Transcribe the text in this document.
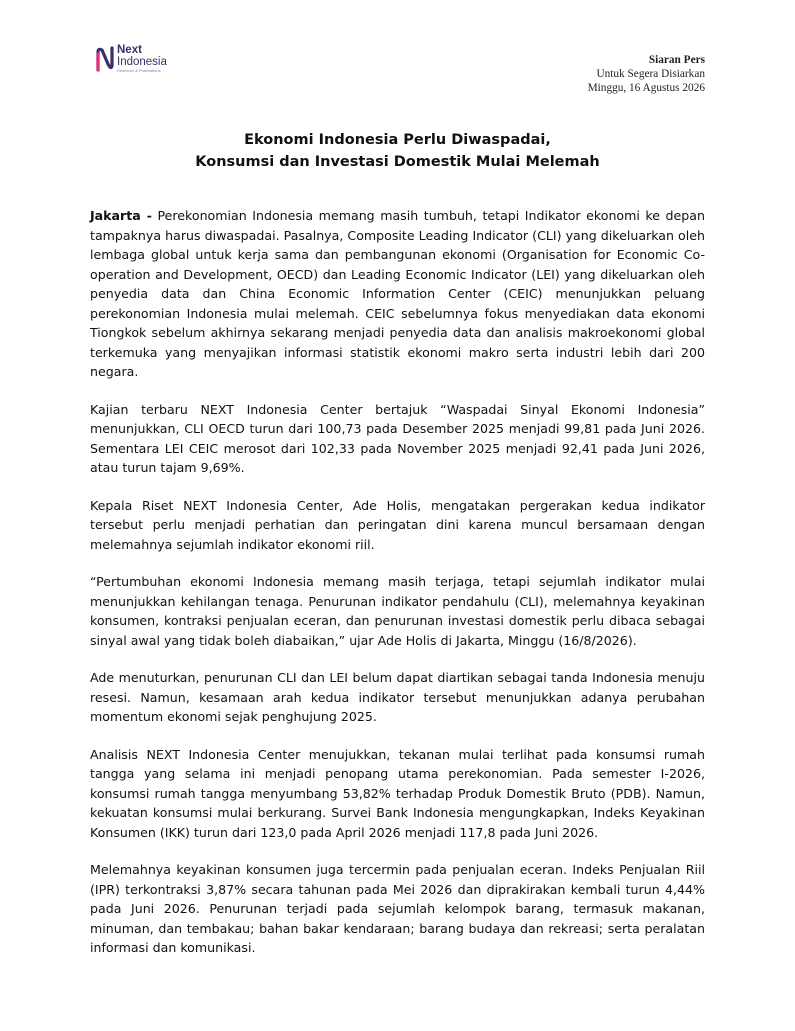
Next
Indonesia
Research & Publications
Siaran Pers
Untuk Segera Disiarkan
Minggu, 16 Agustus 2026
Ekonomi Indonesia Perlu Diwaspadai,
Konsumsi dan Investasi Domestik Mulai Melemah

Jakarta - Perekonomian Indonesia memang masih tumbuh, tetapi Indikator ekonomi ke depan tampaknya harus diwaspadai. Pasalnya, Composite Leading Indicator (CLI) yang dikeluarkan oleh lembaga global untuk kerja sama dan pembangunan ekonomi (Organisation for Economic Co-operation and Development, OECD) dan Leading Economic Indicator (LEI) yang dikeluarkan oleh penyedia data dan China Economic Information Center (CEIC) menunjukkan peluang perekonomian Indonesia mulai melemah. CEIC sebelumnya fokus menyediakan data ekonomi Tiongkok sebelum akhirnya sekarang menjadi penyedia data dan analisis makroekonomi global terkemuka yang menyajikan informasi statistik ekonomi makro serta industri lebih dari 200 negara.

Kajian terbaru NEXT Indonesia Center bertajuk “Waspadai Sinyal Ekonomi Indonesia” menunjukkan, CLI OECD turun dari 100,73 pada Desember 2025 menjadi 99,81 pada Juni 2026. Sementara LEI CEIC merosot dari 102,33 pada November 2025 menjadi 92,41 pada Juni 2026, atau turun tajam 9,69%.

Kepala Riset NEXT Indonesia Center, Ade Holis, mengatakan pergerakan kedua indikator tersebut perlu menjadi perhatian dan peringatan dini karena muncul bersamaan dengan melemahnya sejumlah indikator ekonomi riil.

“Pertumbuhan ekonomi Indonesia memang masih terjaga, tetapi sejumlah indikator mulai menunjukkan kehilangan tenaga. Penurunan indikator pendahulu (CLI), melemahnya keyakinan konsumen, kontraksi penjualan eceran, dan penurunan investasi domestik perlu dibaca sebagai sinyal awal yang tidak boleh diabaikan,” ujar Ade Holis di Jakarta, Minggu (16/8/2026).

Ade menuturkan, penurunan CLI dan LEI belum dapat diartikan sebagai tanda Indonesia menuju resesi. Namun, kesamaan arah kedua indikator tersebut menunjukkan adanya perubahan momentum ekonomi sejak penghujung 2025.

Analisis NEXT Indonesia Center menujukkan, tekanan mulai terlihat pada konsumsi rumah tangga yang selama ini menjadi penopang utama perekonomian. Pada semester I-2026, konsumsi rumah tangga menyumbang 53,82% terhadap Produk Domestik Bruto (PDB). Namun, kekuatan konsumsi mulai berkurang. Survei Bank Indonesia mengungkapkan, Indeks Keyakinan Konsumen (IKK) turun dari 123,0 pada April 2026 menjadi 117,8 pada Juni 2026.

Melemahnya keyakinan konsumen juga tercermin pada penjualan eceran. Indeks Penjualan Riil (IPR) terkontraksi 3,87% secara tahunan pada Mei 2026 dan diprakirakan kembali turun 4,44% pada Juni 2026. Penurunan terjadi pada sejumlah kelompok barang, termasuk makanan, minuman, dan tembakau; bahan bakar kendaraan; barang budaya dan rekreasi; serta peralatan informasi dan komunikasi.
